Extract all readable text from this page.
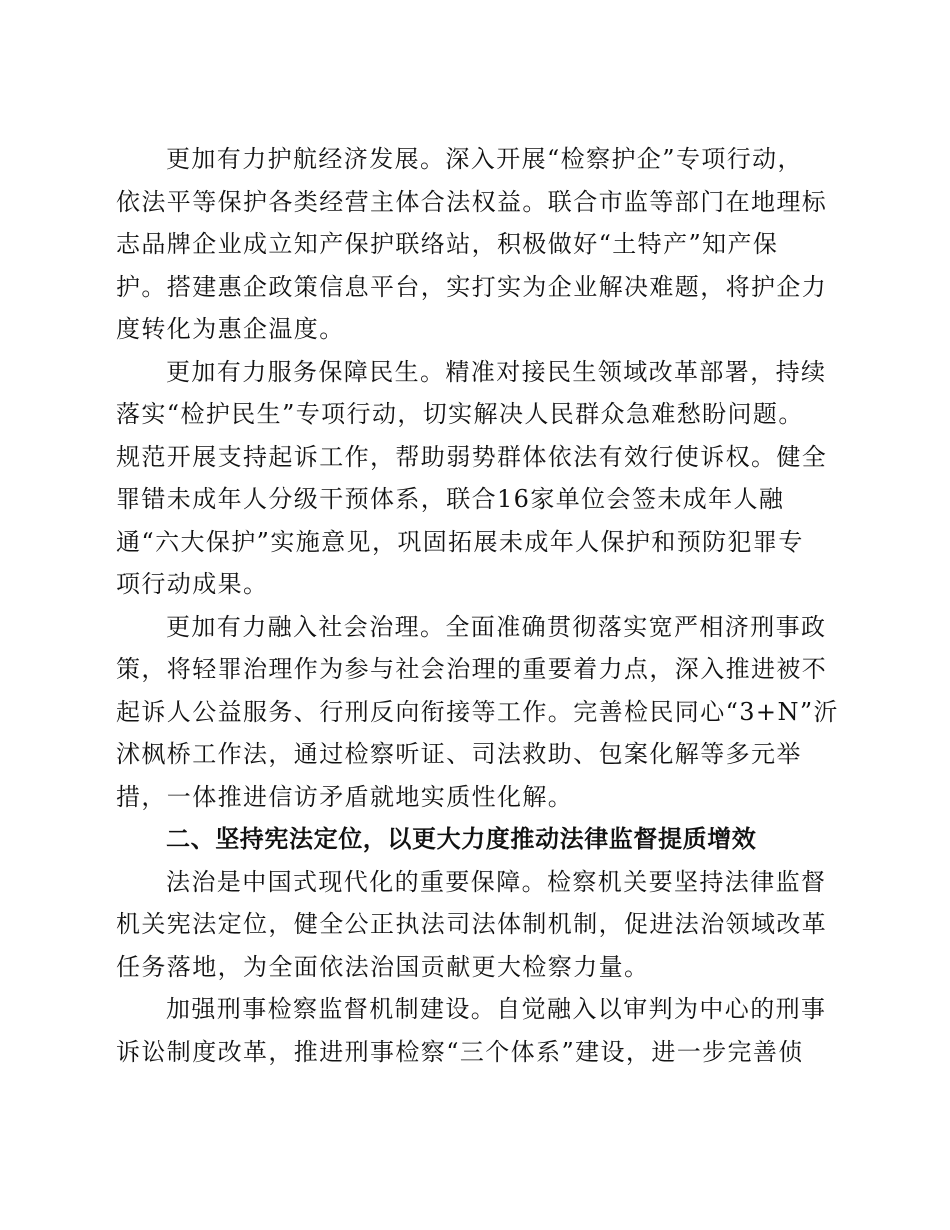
更加有力护航经济发展。深入开展“检察护企”专项行动，
依法平等保护各类经营主体合法权益。联合市监等部门在地理标
志品牌企业成立知产保护联络站，积极做好“土特产”知产保
护。搭建惠企政策信息平台，实打实为企业解决难题，将护企力
度转化为惠企温度。
更加有力服务保障民生。精准对接民生领域改革部署，持续
落实“检护民生”专项行动，切实解决人民群众急难愁盼问题。
规范开展支持起诉工作，帮助弱势群体依法有效行使诉权。健全
罪错未成年人分级干预体系，联合16家单位会签未成年人融
通“六大保护”实施意见，巩固拓展未成年人保护和预防犯罪专
项行动成果。
更加有力融入社会治理。全面准确贯彻落实宽严相济刑事政
策，将轻罪治理作为参与社会治理的重要着力点，深入推进被不
起诉人公益服务、行刑反向衔接等工作。完善检民同心“3+N”沂
沭枫桥工作法，通过检察听证、司法救助、包案化解等多元举
措，一体推进信访矛盾就地实质性化解。
二、坚持宪法定位，以更大力度推动法律监督提质增效
法治是中国式现代化的重要保障。检察机关要坚持法律监督
机关宪法定位，健全公正执法司法体制机制，促进法治领域改革
任务落地，为全面依法治国贡献更大检察力量。
加强刑事检察监督机制建设。自觉融入以审判为中心的刑事
诉讼制度改革，推进刑事检察“三个体系”建设，进一步完善侦
